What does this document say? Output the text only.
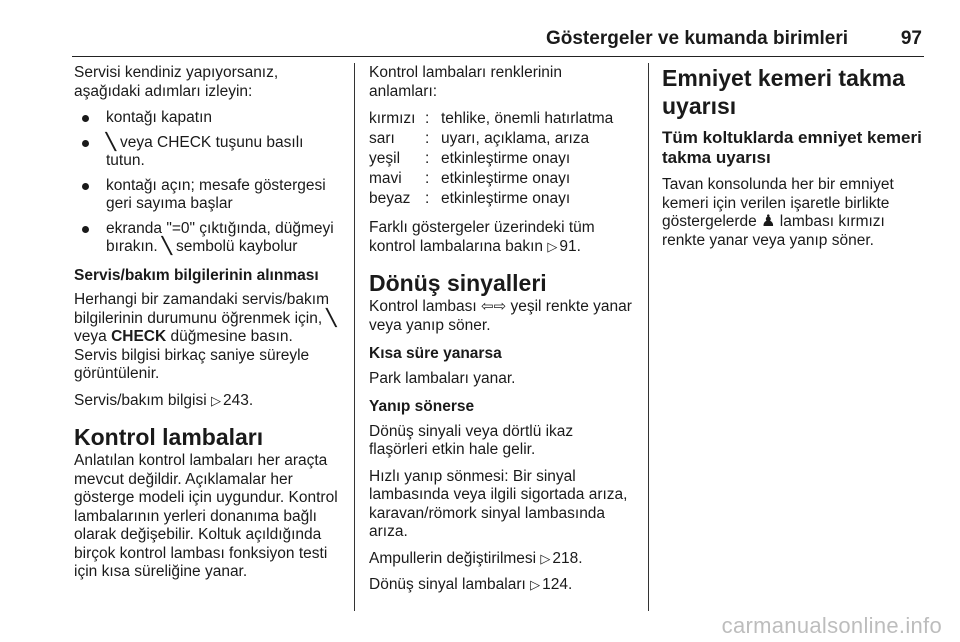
Göstergeler ve kumanda birimleri	97

Servisi kendiniz yapıyorsanız,
aşağıdaki adımları izleyin:

kontağı kapatın
╲ veya CHECK tuşunu basılı tutun.
kontağı açın; mesafe göstergesi geri sayıma başlar
ekranda "=0" çıktığında, düğmeyi bırakın. ╲ sembolü kaybolur
Servis/bakım bilgilerinin alınması

Herhangi bir zamandaki servis/bakım bilgilerinin durumunu öğrenmek için, ╲ veya CHECK düğmesine basın. Servis bilgisi birkaç saniye süreyle görüntülenir.

Servis/bakım bilgisi ▷ 243.

Kontrol lambaları

Anlatılan kontrol lambaları her araçta mevcut değildir. Açıklamalar her gösterge modeli için uygundur. Kontrol lambalarının yerleri donanıma bağlı olarak değişebilir. Koltuk açıldığında birçok kontrol lambası fonksiyon testi için kısa süreliğine yanar.

Kontrol lambaları renklerinin anlamları:

kırmızı	:	tehlike, önemli hatırlatma
sarı	:	uyarı, açıklama, arıza
yeşil	:	etkinleştirme onayı
mavi	:	etkinleştirme onayı
beyaz	:	etkinleştirme onayı

Farklı göstergeler üzerindeki tüm kontrol lambalarına bakın ▷ 91.

Dönüş sinyalleri

Kontrol lambası ⇦⇨ yeşil renkte yanar veya yanıp söner.

Kısa süre yanarsa

Park lambaları yanar.

Yanıp sönerse

Dönüş sinyali veya dörtlü ikaz flaşörleri etkin hale gelir.

Hızlı yanıp sönmesi: Bir sinyal lambasında veya ilgili sigortada arıza, karavan/römork sinyal lambasında arıza.

Ampullerin değiştirilmesi ▷ 218.

Dönüş sinyal lambaları ▷ 124.

Emniyet kemeri takma uyarısı
Tüm koltuklarda emniyet kemeri takma uyarısı

Tavan konsolunda her bir emniyet kemeri için verilen işaretle birlikte göstergelerde ♟ lambası kırmızı renkte yanar veya yanıp söner.

carmanualsonline.info
